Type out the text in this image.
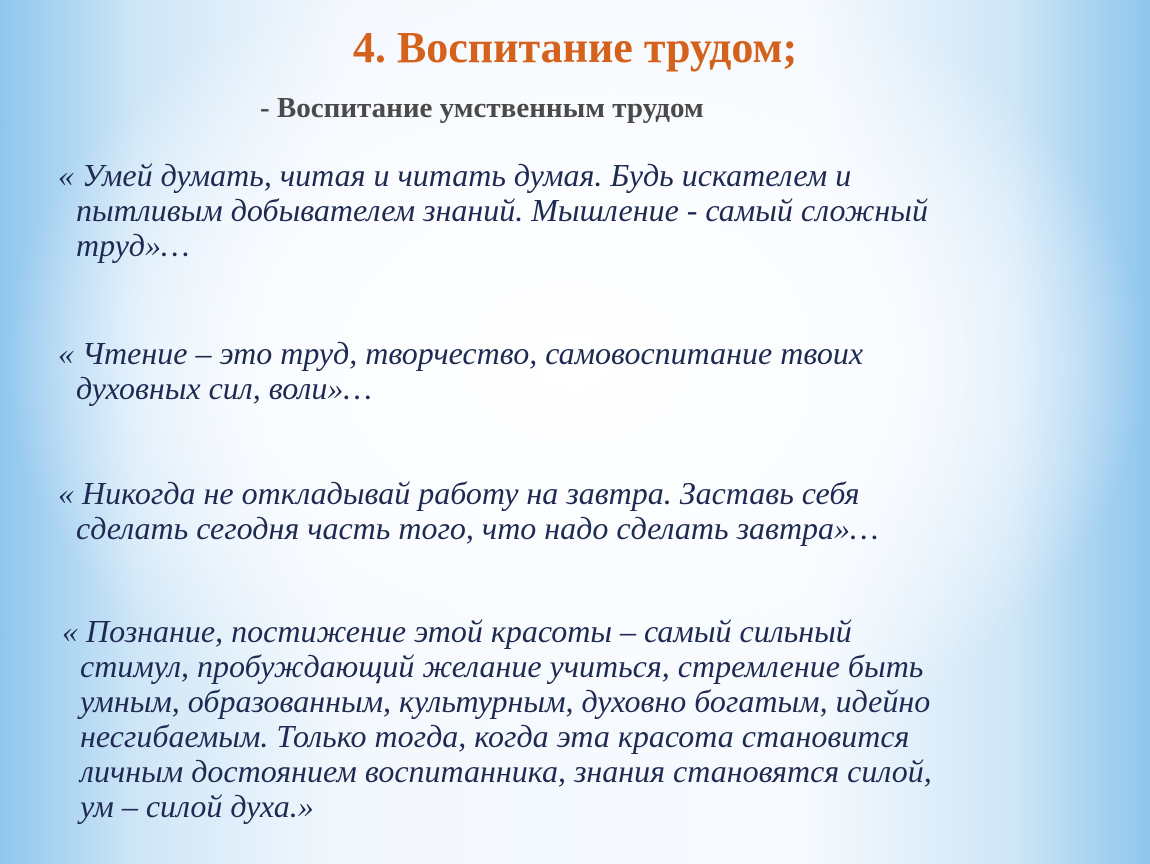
4. Воспитание трудом;
- Воспитание умственным трудом

« Умей думать, читая и читать думая. Будь искателем и
пытливым добывателем знаний. Мышление - самый сложный
труд»…

« Чтение – это труд, творчество, самовоспитание твоих
духовных сил, воли»…

« Никогда не откладывай работу на завтра. Заставь себя
сделать сегодня часть того, что надо сделать завтра»…

« Познание, постижение этой красоты – самый сильный
стимул, пробуждающий желание учиться, стремление быть
умным, образованным, культурным, духовно богатым, идейно
несгибаемым. Только тогда, когда эта красота становится
личным достоянием воспитанника, знания становятся силой,
ум – силой духа.»
